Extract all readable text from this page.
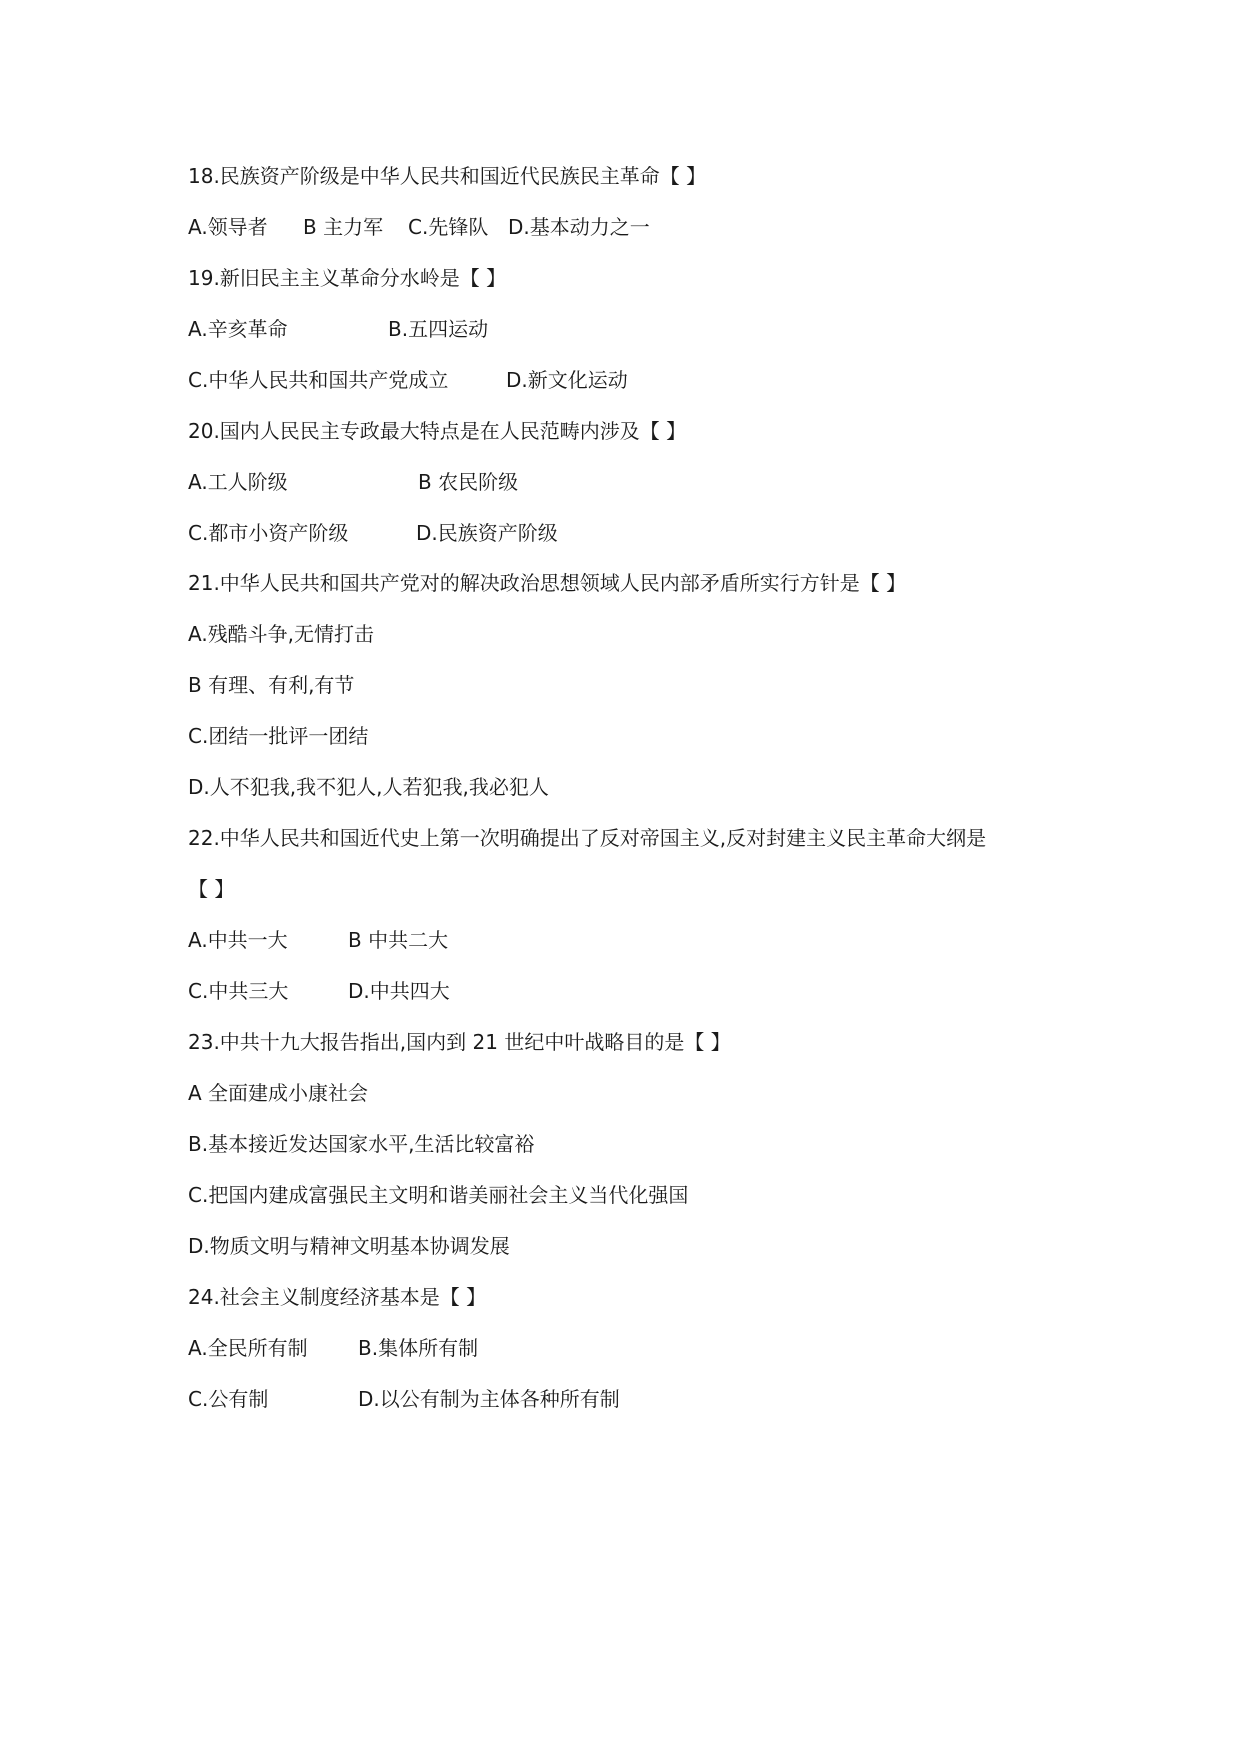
18.民族资产阶级是中华人民共和国近代民族民主革命【 】
A.领导者 B 主力军 C.先锋队 D.基本动力之一
19.新旧民主主义革命分水岭是【 】
A.辛亥革命	B.五四运动
C.中华人民共和国共产党成立	D.新文化运动
20.国内人民民主专政最大特点是在人民范畴内涉及【 】
A.工人阶级	B 农民阶级
C.都市小资产阶级	D.民族资产阶级
21.中华人民共和国共产党对的解决政治思想领域人民内部矛盾所实行方针是【 】
A.残酷斗争,无情打击
B 有理、有利,有节
C.团结一批评一团结
D.人不犯我,我不犯人,人若犯我,我必犯人
22.中华人民共和国近代史上第一次明确提出了反对帝国主义,反对封建主义民主革命大纲是
【 】
A.中共一大	B 中共二大
C.中共三大	D.中共四大
23.中共十九大报告指出,国内到 21 世纪中叶战略目的是【 】
A 全面建成小康社会
B.基本接近发达国家水平,生活比较富裕
C.把国内建成富强民主文明和谐美丽社会主义当代化强国
D.物质文明与精神文明基本协调发展
24.社会主义制度经济基本是【 】
A.全民所有制	B.集体所有制
C.公有制	D.以公有制为主体各种所有制
